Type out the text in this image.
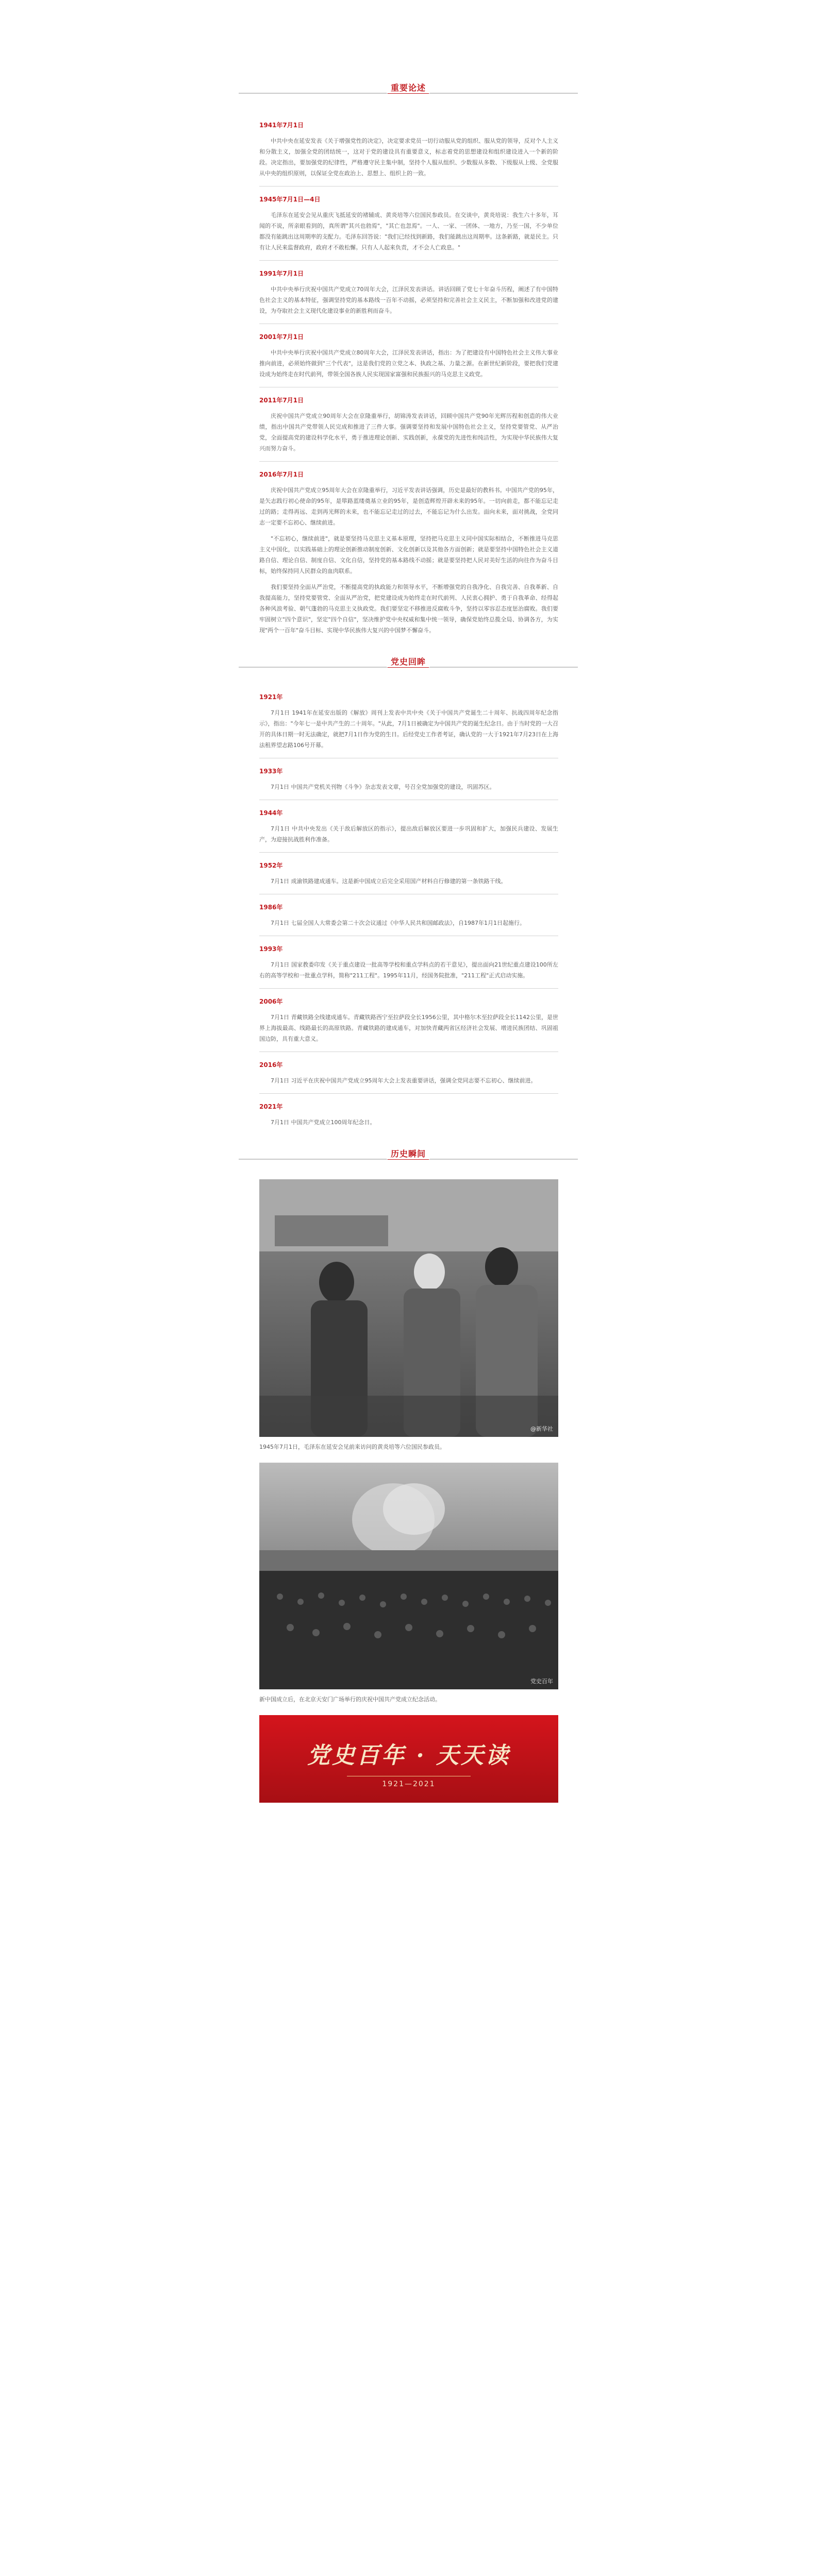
重要论述
1941年7月1日

中共中央在延安发表《关于增强党性的决定》，决定要求党员一切行动服从党的组织、服从党的领导，反对个人主义和分散主义，加强全党的团结统一，这对于党的建设具有重要意义，标志着党的思想建设和组织建设进入一个新的阶段。决定指出，要加强党的纪律性，严格遵守民主集中制，坚持个人服从组织、少数服从多数、下级服从上级、全党服从中央的组织原则，以保证全党在政治上、思想上、组织上的一致。

1945年7月1日—4日

毛泽东在延安会见从重庆飞抵延安的褚辅成、黄炎培等六位国民参政员。在交谈中，黄炎培说：我生六十多年，耳闻的不说，所亲眼看到的，真所谓"其兴也勃焉"，"其亡也忽焉"。一人、一家、一团体、一地方，乃至一国，不少单位都没有能跳出这周期率的支配力。毛泽东回答说："我们已经找到新路，我们能跳出这周期率。这条新路，就是民主。只有让人民来监督政府，政府才不敢松懈。只有人人起来负责，才不会人亡政息。"

1991年7月1日

中共中央举行庆祝中国共产党成立70周年大会，江泽民发表讲话。讲话回顾了党七十年奋斗历程，阐述了有中国特色社会主义的基本特征，强调坚持党的基本路线一百年不动摇，必须坚持和完善社会主义民主，不断加强和改进党的建设，为夺取社会主义现代化建设事业的新胜利而奋斗。

2001年7月1日

中共中央举行庆祝中国共产党成立80周年大会，江泽民发表讲话，指出：为了把建设有中国特色社会主义伟大事业推向前进，必须始终做到"三个代表"，这是我们党的立党之本、执政之基、力量之源。在新世纪新阶段，要把我们党建设成为始终走在时代前列，带领全国各族人民实现国家富强和民族振兴的马克思主义政党。

2011年7月1日

庆祝中国共产党成立90周年大会在京隆重举行，胡锦涛发表讲话，回顾中国共产党90年光辉历程和创造的伟大业绩，指出中国共产党带领人民完成和推进了三件大事。强调要坚持和发展中国特色社会主义，坚持党要管党、从严治党，全面提高党的建设科学化水平，勇于推进理论创新、实践创新，永葆党的先进性和纯洁性，为实现中华民族伟大复兴而努力奋斗。

2016年7月1日

庆祝中国共产党成立95周年大会在京隆重举行，习近平发表讲话强调，历史是最好的教科书。中国共产党的95年，是矢志践行初心使命的95年，是筚路蓝缕奠基立业的95年，是创造辉煌开辟未来的95年。一切向前走，都不能忘记走过的路；走得再远、走到再光辉的未来，也不能忘记走过的过去，不能忘记为什么出发。面向未来，面对挑战，全党同志一定要不忘初心、继续前进。

"不忘初心，继续前进"，就是要坚持马克思主义基本原理，坚持把马克思主义同中国实际相结合，不断推进马克思主义中国化，以实践基础上的理论创新推动制度创新、文化创新以及其他各方面创新；就是要坚持中国特色社会主义道路自信、理论自信、制度自信、文化自信，坚持党的基本路线不动摇；就是要坚持把人民对美好生活的向往作为奋斗目标，始终保持同人民群众的血肉联系。

我们要坚持全面从严治党，不断提高党的执政能力和领导水平，不断增强党的自我净化、自我完善、自我革新、自我提高能力，坚持党要管党、全面从严治党，把党建设成为始终走在时代前列、人民衷心拥护、勇于自我革命、经得起各种风浪考验、朝气蓬勃的马克思主义执政党。我们要坚定不移推进反腐败斗争，坚持以零容忍态度惩治腐败。我们要牢固树立"四个意识"，坚定"四个自信"，坚决维护党中央权威和集中统一领导，确保党始终总揽全局、协调各方，为实现"两个一百年"奋斗目标、实现中华民族伟大复兴的中国梦不懈奋斗。

党史回眸
1921年

7月1日 1941年在延安出版的《解放》周刊上发表中共中央《关于中国共产党诞生二十周年、抗战四周年纪念指示》，指出："今年七一是中共产生的二十周年。"从此，7月1日被确定为中国共产党的诞生纪念日。由于当时党的一大召开的具体日期一时无法确定，就把7月1日作为党的生日。后经党史工作者考证，确认党的一大于1921年7月23日在上海法租界望志路106号开幕。

1933年

7月1日 中国共产党机关刊物《斗争》杂志发表文章，号召全党加强党的建设，巩固苏区。

1944年

7月1日 中共中央发出《关于敌后解放区的指示》，提出敌后解放区要进一步巩固和扩大，加强民兵建设、发展生产，为迎接抗战胜利作准备。

1952年

7月1日 成渝铁路建成通车。这是新中国成立后完全采用国产材料自行修建的第一条铁路干线。

1986年

7月1日 七届全国人大常委会第二十次会议通过《中华人民共和国邮政法》，自1987年1月1日起施行。

1993年

7月1日 国家教委印发《关于重点建设一批高等学校和重点学科点的若干意见》，提出面向21世纪重点建设100所左右的高等学校和一批重点学科，简称"211工程"。1995年11月，经国务院批准，"211工程"正式启动实施。

2006年

7月1日 青藏铁路全线建成通车。青藏铁路西宁至拉萨段全长1956公里，其中格尔木至拉萨段全长1142公里，是世界上海拔最高、线路最长的高原铁路。青藏铁路的建成通车，对加快青藏两省区经济社会发展、增进民族团结、巩固祖国边防，具有重大意义。

2016年

7月1日 习近平在庆祝中国共产党成立95周年大会上发表重要讲话，强调全党同志要不忘初心、继续前进。

2021年

7月1日 中国共产党成立100周年纪念日。

历史瞬间
@新华社
1945年7月1日，毛泽东在延安会见前来访问的黄炎培等六位国民参政员。
党史百年
新中国成立后，在北京天安门广场举行的庆祝中国共产党成立纪念活动。
党史百年 · 天天读
1921—2021
